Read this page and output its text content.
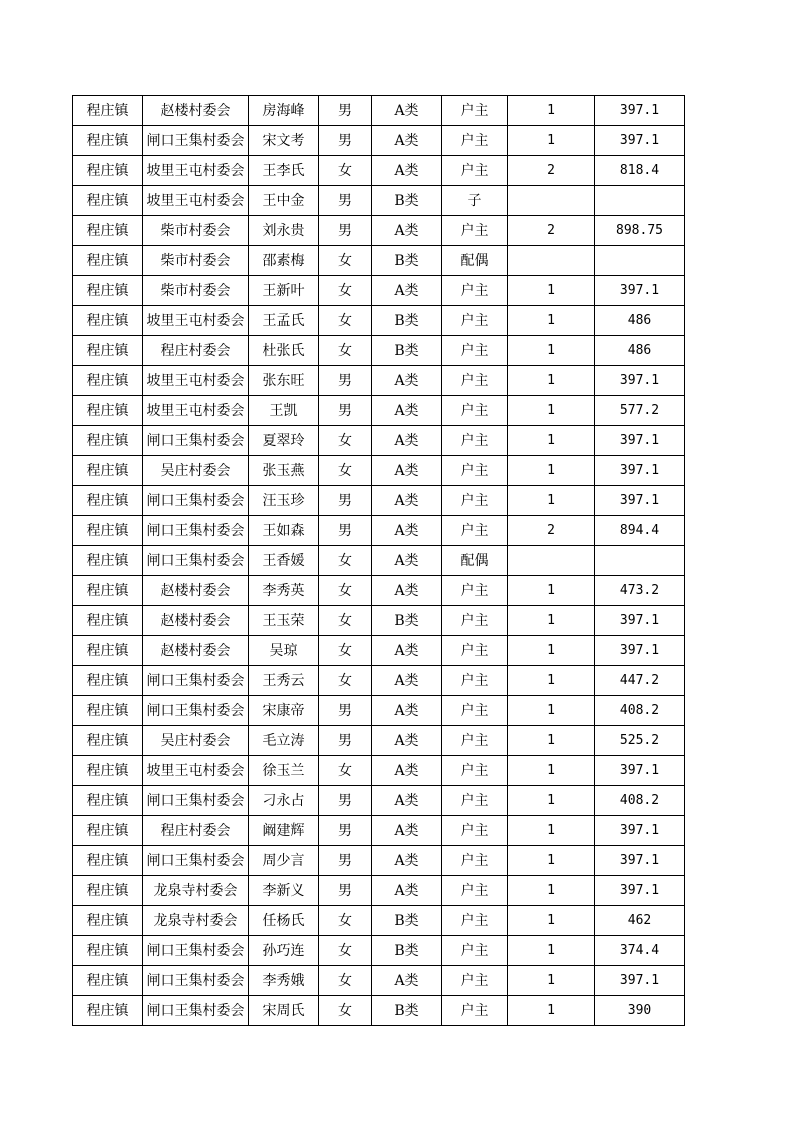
程庄镇	赵楼村委会	房海峰	男	A类	户主	1	397.1
程庄镇	闸口王集村委会	宋文考	男	A类	户主	1	397.1
程庄镇	坡里王屯村委会	王李氏	女	A类	户主	2	818.4
程庄镇	坡里王屯村委会	王中金	男	B类	子		
程庄镇	柴市村委会	刘永贵	男	A类	户主	2	898.75
程庄镇	柴市村委会	邵素梅	女	B类	配偶		
程庄镇	柴市村委会	王新叶	女	A类	户主	1	397.1
程庄镇	坡里王屯村委会	王孟氏	女	B类	户主	1	486
程庄镇	程庄村委会	杜张氏	女	B类	户主	1	486
程庄镇	坡里王屯村委会	张东旺	男	A类	户主	1	397.1
程庄镇	坡里王屯村委会	王凯	男	A类	户主	1	577.2
程庄镇	闸口王集村委会	夏翠玲	女	A类	户主	1	397.1
程庄镇	吴庄村委会	张玉燕	女	A类	户主	1	397.1
程庄镇	闸口王集村委会	汪玉珍	男	A类	户主	1	397.1
程庄镇	闸口王集村委会	王如森	男	A类	户主	2	894.4
程庄镇	闸口王集村委会	王香媛	女	A类	配偶		
程庄镇	赵楼村委会	李秀英	女	A类	户主	1	473.2
程庄镇	赵楼村委会	王玉荣	女	B类	户主	1	397.1
程庄镇	赵楼村委会	吴琼	女	A类	户主	1	397.1
程庄镇	闸口王集村委会	王秀云	女	A类	户主	1	447.2
程庄镇	闸口王集村委会	宋康帝	男	A类	户主	1	408.2
程庄镇	吴庄村委会	毛立涛	男	A类	户主	1	525.2
程庄镇	坡里王屯村委会	徐玉兰	女	A类	户主	1	397.1
程庄镇	闸口王集村委会	刁永占	男	A类	户主	1	408.2
程庄镇	程庄村委会	阚建辉	男	A类	户主	1	397.1
程庄镇	闸口王集村委会	周少言	男	A类	户主	1	397.1
程庄镇	龙泉寺村委会	李新义	男	A类	户主	1	397.1
程庄镇	龙泉寺村委会	任杨氏	女	B类	户主	1	462
程庄镇	闸口王集村委会	孙巧连	女	B类	户主	1	374.4
程庄镇	闸口王集村委会	李秀娥	女	A类	户主	1	397.1
程庄镇	闸口王集村委会	宋周氏	女	B类	户主	1	390
